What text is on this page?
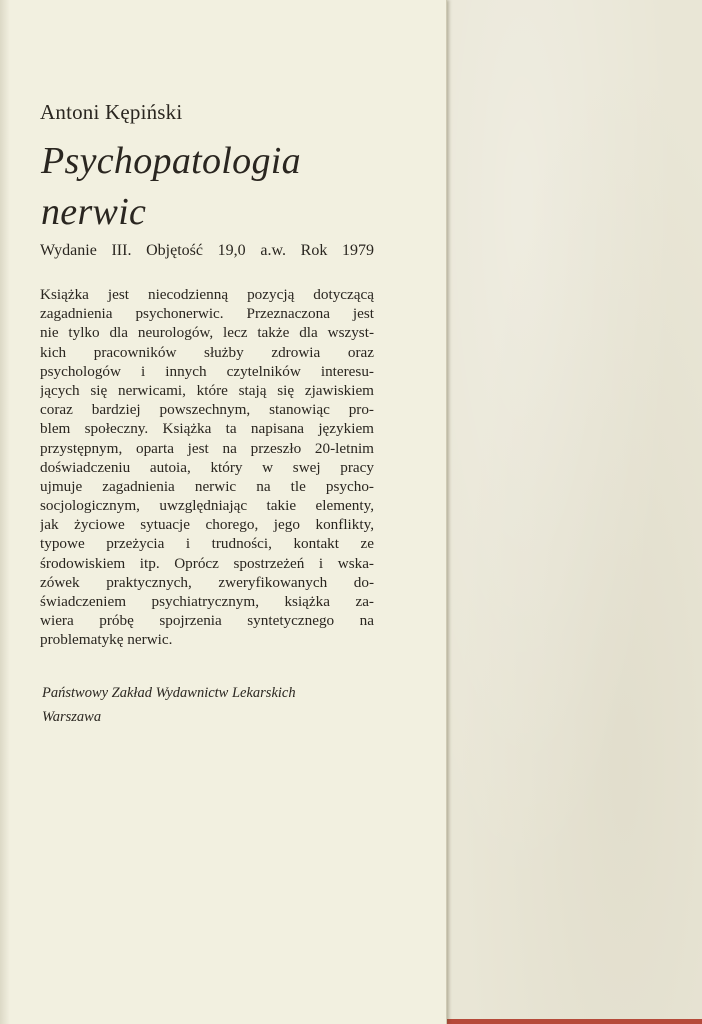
Antoni Kępiński
Psychopatologia
nerwic
Wydanie III. Objętość 19,0 a.w. Rok 1979
Książka jest niecodzienną pozycją dotyczącą
zagadnienia psychonerwic. Przeznaczona jest
nie tylko dla neurologów, lecz także dla wszyst-
kich pracowników służby zdrowia oraz
psychologów i innych czytelników interesu-
jących się nerwicami, które stają się zjawiskiem
coraz bardziej powszechnym, stanowiąc pro-
blem społeczny. Książka ta napisana językiem
przystępnym, oparta jest na przeszło 20-letnim
doświadczeniu autoia, który w swej pracy
ujmuje zagadnienia nerwic na tle psycho-
socjologicznym, uwzględniając takie elementy,
jak życiowe sytuacje chorego, jego konflikty,
typowe przeżycia i trudności, kontakt ze
środowiskiem itp. Oprócz spostrzeżeń i wska-
zówek praktycznych, zweryfikowanych do-
świadczeniem psychiatrycznym, książka za-
wiera próbę spojrzenia syntetycznego na
problematykę nerwic.
Państwowy Zakład Wydawnictw Lekarskich
Warszawa
